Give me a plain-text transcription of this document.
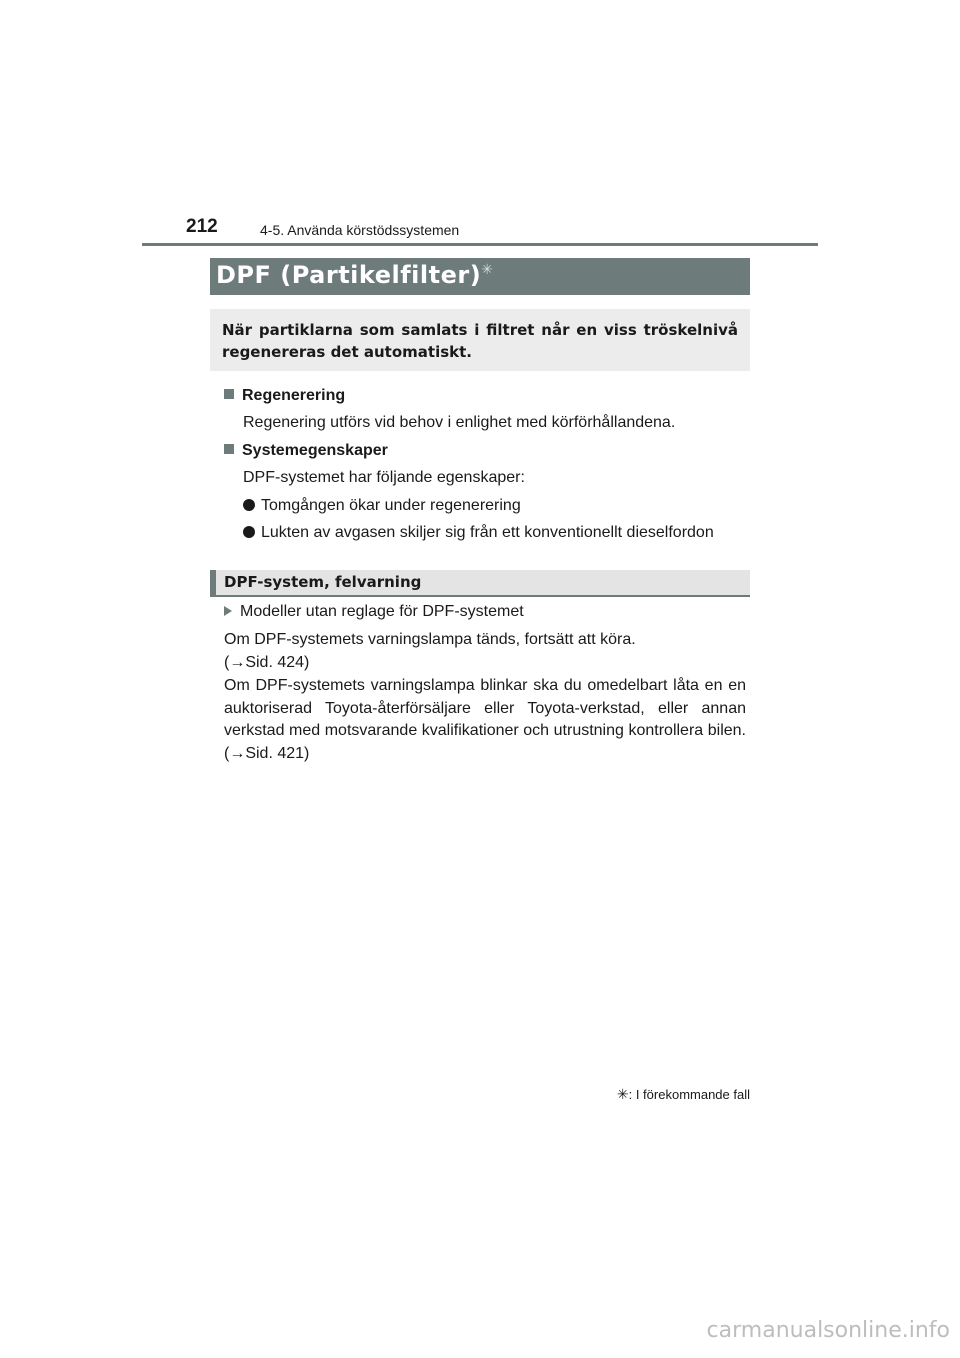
212	4-5. Använda körstödssystemen
DPF (Partikelfilter)✳
När partiklarna som samlats i filtret når en viss tröskelnivå regenereras det automatiskt.
Regenerering
Regenering utförs vid behov i enlighet med körförhållandena.
Systemegenskaper
DPF-systemet har följande egenskaper:
Tomgången ökar under regenerering
Lukten av avgasen skiljer sig från ett konventionellt dieselfordon
DPF-system, felvarning
Modeller utan reglage för DPF-systemet
Om DPF-systemets varningslampa tänds, fortsätt att köra.
(→Sid. 424)
Om DPF-systemets varningslampa blinkar ska du omedelbart låta en en auktoriserad Toyota-återförsäljare eller Toyota-verkstad, eller annan verkstad med motsvarande kvalifikationer och utrustning kontrollera bilen. (→Sid. 421)
✳: I förekommande fall
carmanualsonline.info
